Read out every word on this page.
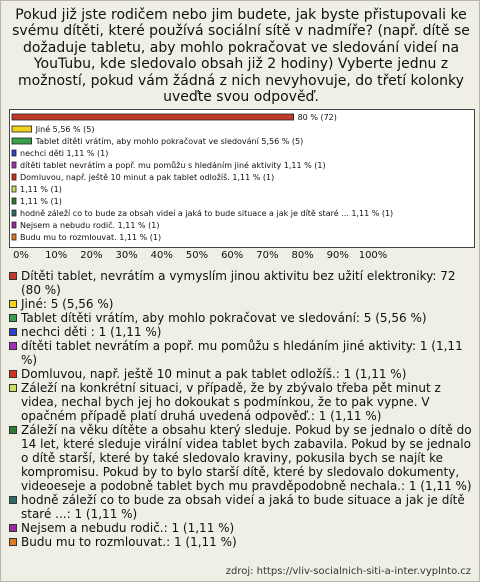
Pokud již jste rodičem nebo jim budete, jak byste přistupovali ke svému dítěti, které používá sociální sítě v nadmíře? (např. dítě se dožaduje tabletu, aby mohlo pokračovat ve sledování videí na YouTubu, kde sledovalo obsah již 2 hodiny) Vyberte jednu z možností, pokud vám žádná z nich nevyhovuje, do třetí kolonky uveďte svou odpověď.
80 % (72)
Jiné 5,56 % (5)
Tablet dítěti vrátím, aby mohlo pokračovat ve sledování 5,56 % (5)
nechci děti 1,11 % (1)
dítěti tablet nevrátím a popř. mu pomůžu s hledáním jiné aktivity 1,11 % (1)
Domluvou, např. ještě 10 minut a pak tablet odložíš. 1,11 % (1)
1,11 % (1)
1,11 % (1)
hodně záleží co to bude za obsah videí a jaká to bude situace a jak je dítě staré ... 1,11 % (1)
Nejsem a nebudu rodič. 1,11 % (1)
Budu mu to rozmlouvat. 1,11 % (1)
0% 10% 20% 30% 40% 50% 60% 70% 80% 90% 100%
Dítěti tablet, nevrátím a vymyslím jinou aktivitu bez užití elektroniky: 72 (80 %)
Jiné: 5 (5,56 %)
Tablet dítěti vrátím, aby mohlo pokračovat ve sledování: 5 (5,56 %)
nechci děti : 1 (1,11 %)
dítěti tablet nevrátím a popř. mu pomůžu s hledáním jiné aktivity: 1 (1,11 %)
Domluvou, např. ještě 10 minut a pak tablet odložíš.: 1 (1,11 %)
Záleží na konkrétní situaci, v případě, že by zbývalo třeba pět minut z videa, nechal bych jej ho dokoukat s podmínkou, že to pak vypne. V opačném případě platí druhá uvedená odpověď.: 1 (1,11 %)
Záleží na věku dítěte a obsahu který sleduje. Pokud by se jednalo o dítě do 14 let, které sleduje virální videa tablet bych zabavila. Pokud by se jednalo o dítě starší, které by také sledovalo kraviny, pokusila bych se najít ke kompromisu. Pokud by to bylo starší dítě, které by sledovalo dokumenty, videoeseje a podobně tablet bych mu pravděpodobně nechala.: 1 (1,11 %)
hodně záleží co to bude za obsah videí a jaká to bude situace a jak je dítě staré ...: 1 (1,11 %)
Nejsem a nebudu rodič.: 1 (1,11 %)
Budu mu to rozmlouvat.: 1 (1,11 %)
zdroj: https://vliv-socialnich-siti-a-inter.vyplnto.cz
